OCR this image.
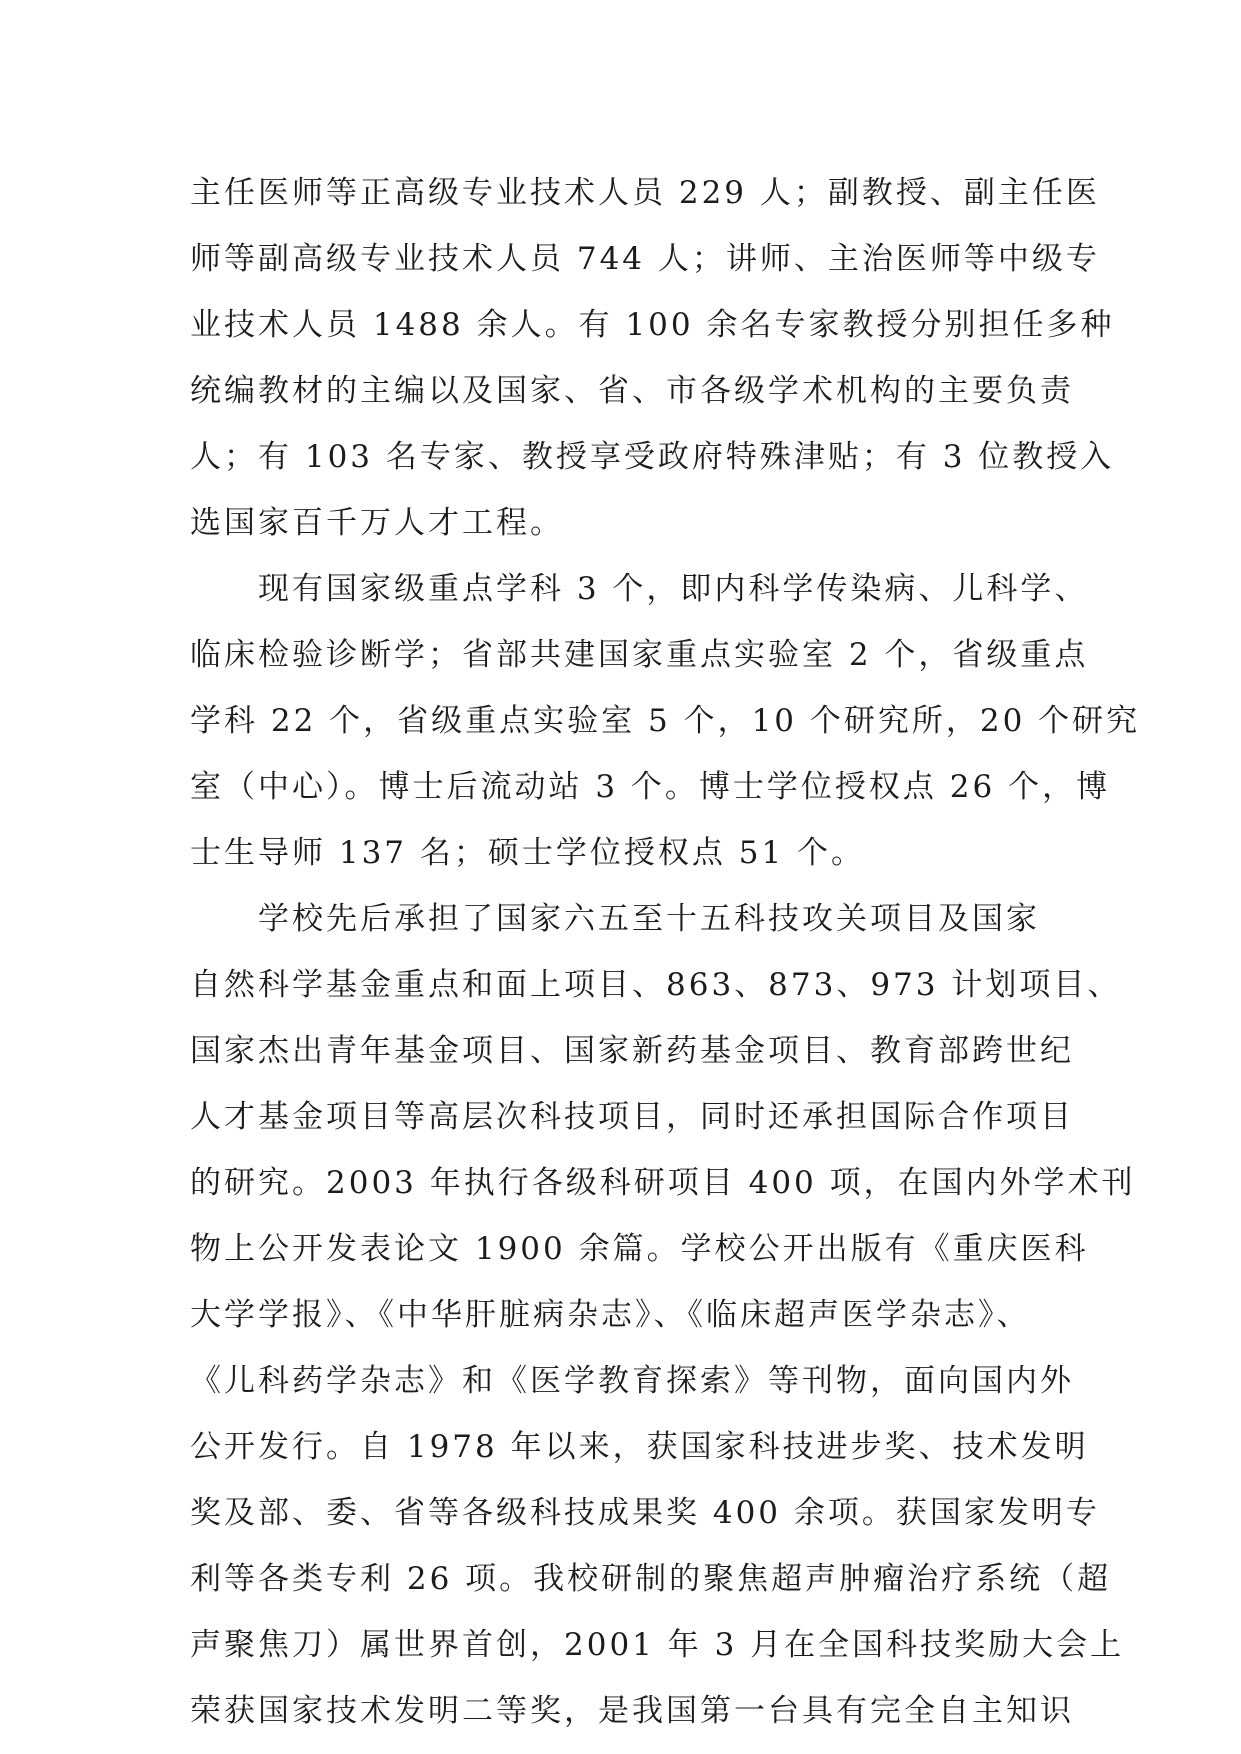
主任医师等正高级专业技术人员 229 人；副教授、副主任医
师等副高级专业技术人员 744 人；讲师、主治医师等中级专
业技术人员 1488 余人。有 100 余名专家教授分别担任多种
统编教材的主编以及国家、省、市各级学术机构的主要负责
人；有 103 名专家、教授享受政府特殊津贴；有 3 位教授入
选国家百千万人才工程。
现有国家级重点学科 3 个，即内科学传染病、儿科学、
临床检验诊断学；省部共建国家重点实验室 2 个，省级重点
学科 22 个，省级重点实验室 5 个，10 个研究所，20 个研究
室（中心）。博士后流动站 3 个。博士学位授权点 26 个，博
士生导师 137 名；硕士学位授权点 51 个。
学校先后承担了国家六五至十五科技攻关项目及国家
自然科学基金重点和面上项目、863、873、973 计划项目、
国家杰出青年基金项目、国家新药基金项目、教育部跨世纪
人才基金项目等高层次科技项目，同时还承担国际合作项目
的研究。2003 年执行各级科研项目 400 项，在国内外学术刊
物上公开发表论文 1900 余篇。学校公开出版有《重庆医科
大学学报》、《中华肝脏病杂志》、《临床超声医学杂志》、
《儿科药学杂志》和《医学教育探索》等刊物，面向国内外
公开发行。自 1978 年以来，获国家科技进步奖、技术发明
奖及部、委、省等各级科技成果奖 400 余项。获国家发明专
利等各类专利 26 项。我校研制的聚焦超声肿瘤治疗系统（超
声聚焦刀）属世界首创，2001 年 3 月在全国科技奖励大会上
荣获国家技术发明二等奖，是我国第一台具有完全自主知识
